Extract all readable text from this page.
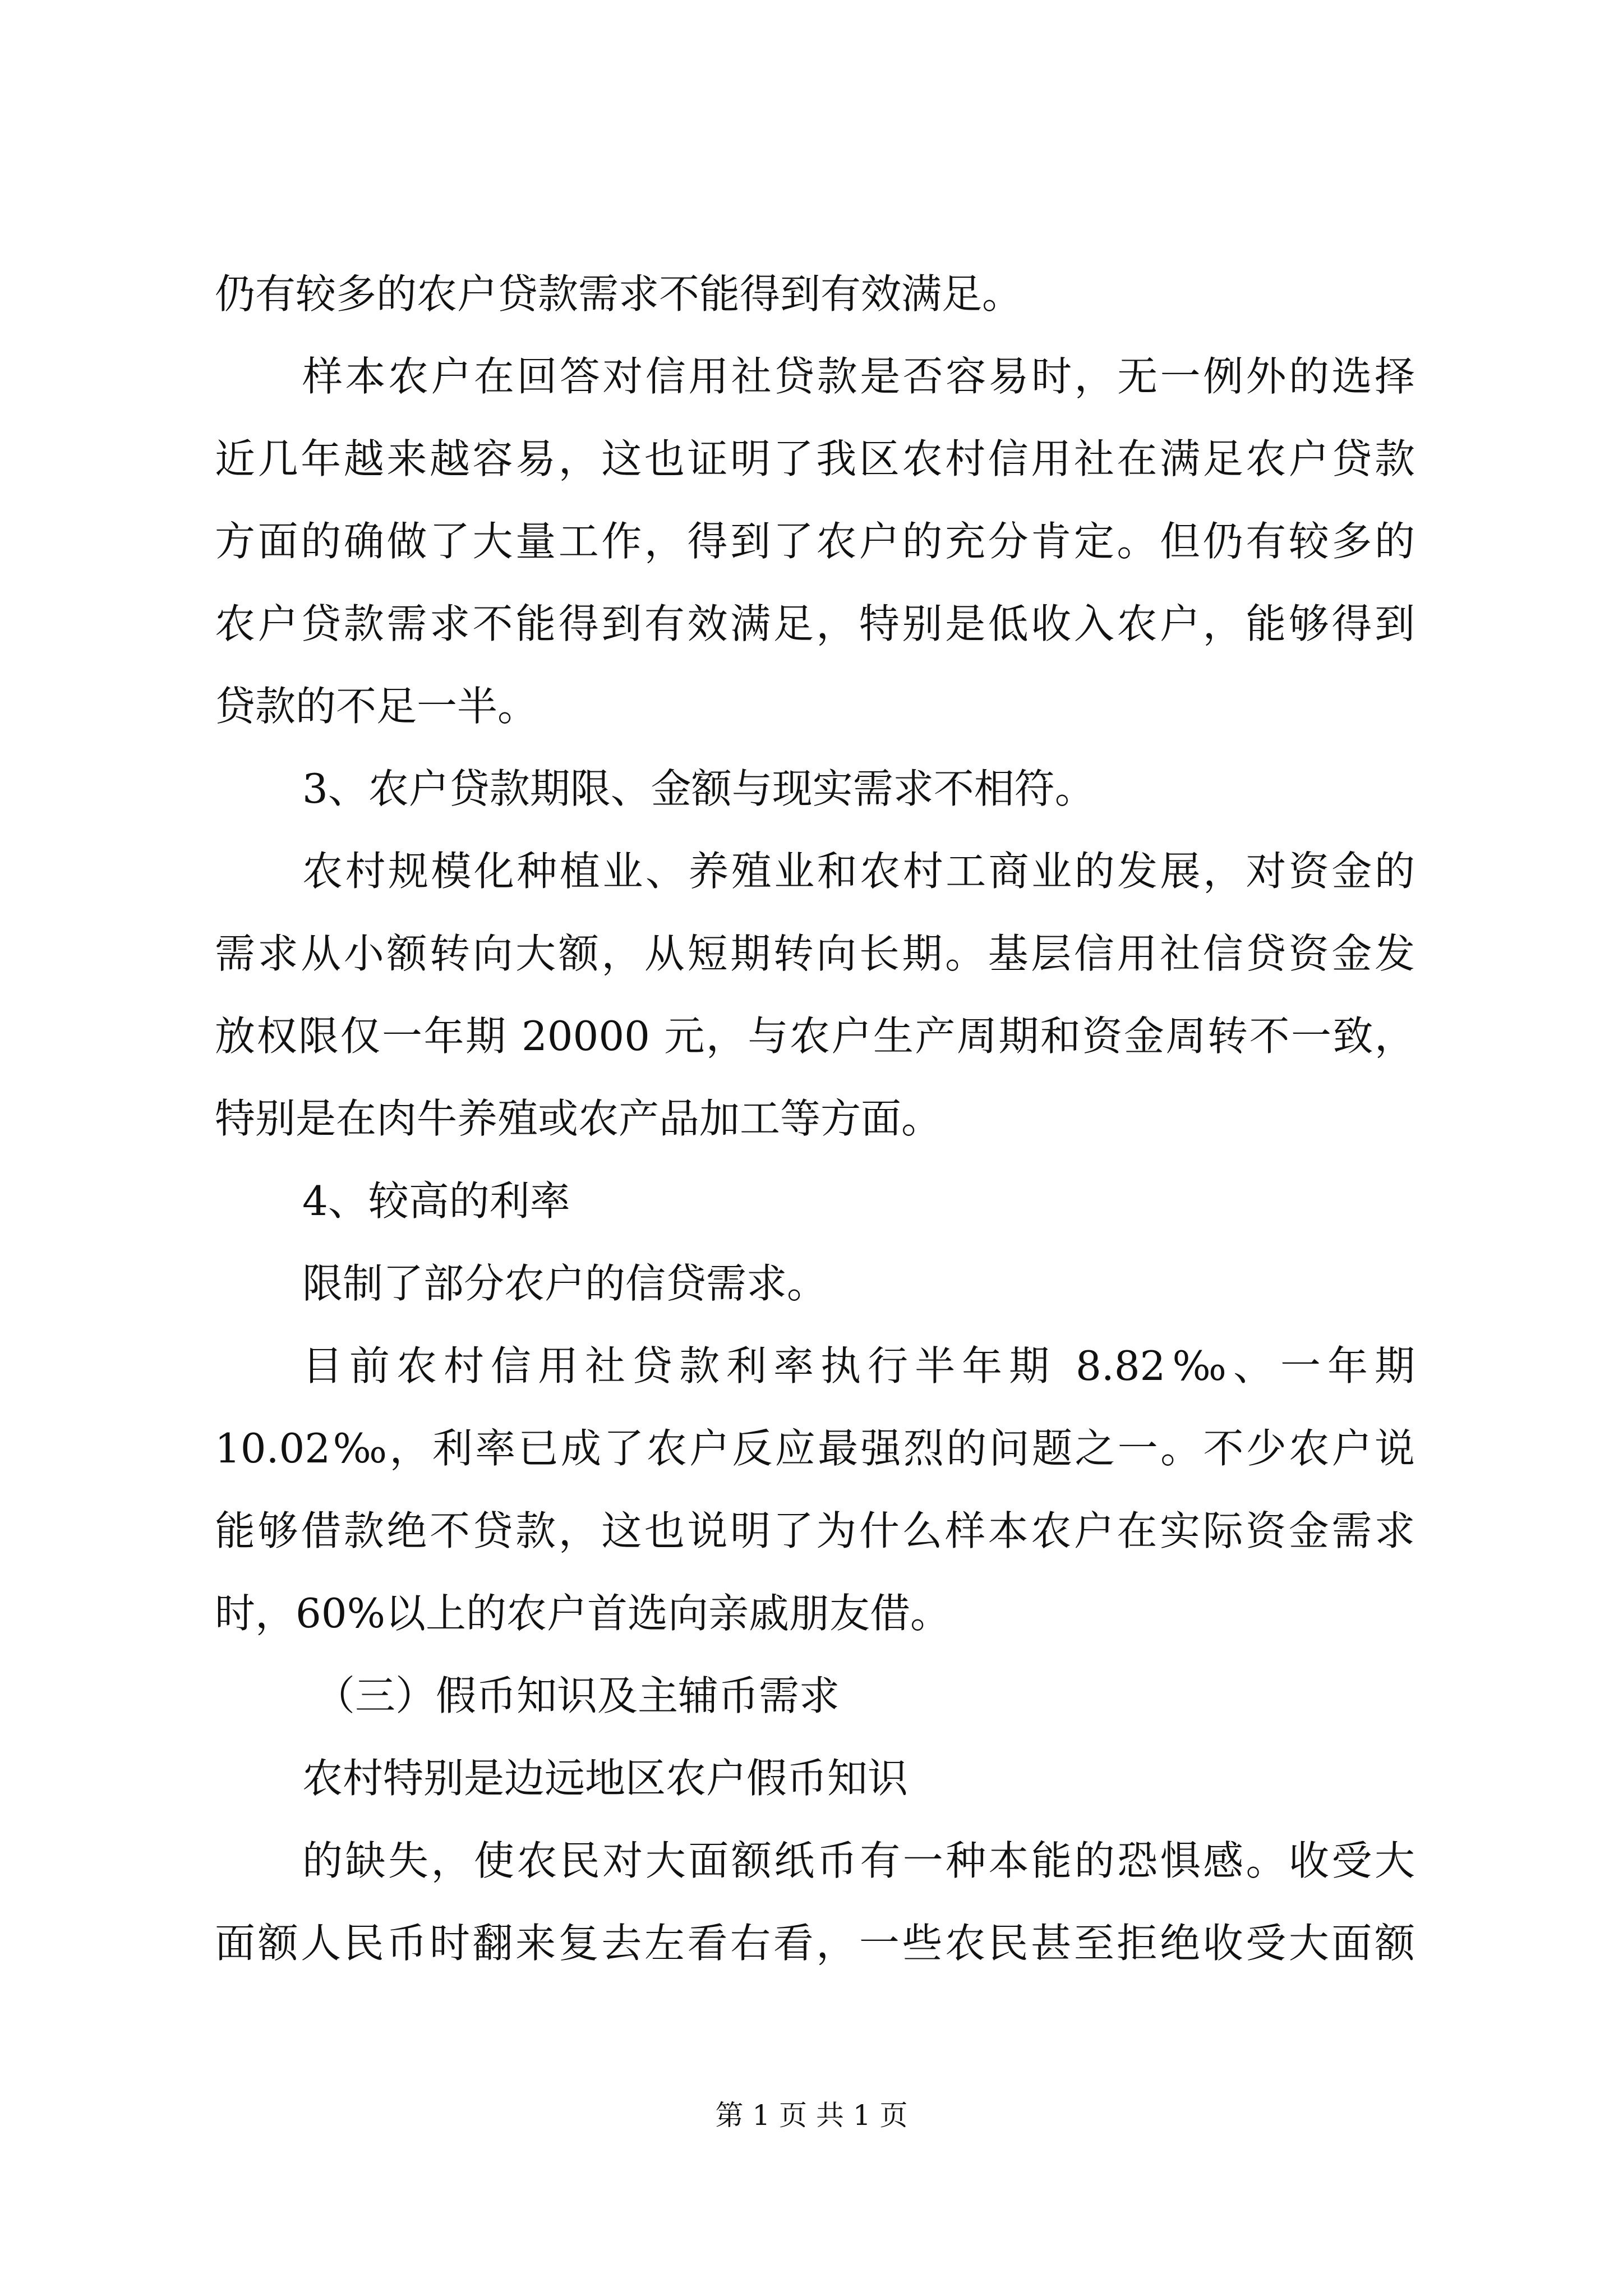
仍有较多的农户贷款需求不能得到有效满足。
样本农户在回答对信用社贷款是否容易时，无一例外的选择
近几年越来越容易，这也证明了我区农村信用社在满足农户贷款
方面的确做了大量工作，得到了农户的充分肯定。但仍有较多的
农户贷款需求不能得到有效满足，特别是低收入农户，能够得到
贷款的不足一半。
3、农户贷款期限、金额与现实需求不相符。
农村规模化种植业、养殖业和农村工商业的发展，对资金的
需求从小额转向大额，从短期转向长期。基层信用社信贷资金发
放权限仅一年期 20000 元，与农户生产周期和资金周转不一致，
特别是在肉牛养殖或农产品加工等方面。
4、较高的利率
限制了部分农户的信贷需求。
目前农村信用社贷款利率执行半年期 8.82‰、一年期
10.02‰，利率已成了农户反应最强烈的问题之一。不少农户说
能够借款绝不贷款，这也说明了为什么样本农户在实际资金需求
时，60%以上的农户首选向亲戚朋友借。
（三）假币知识及主辅币需求
农村特别是边远地区农户假币知识
的缺失，使农民对大面额纸币有一种本能的恐惧感。收受大
面额人民币时翻来复去左看右看，一些农民甚至拒绝收受大面额
第 1 页 共 1 页
